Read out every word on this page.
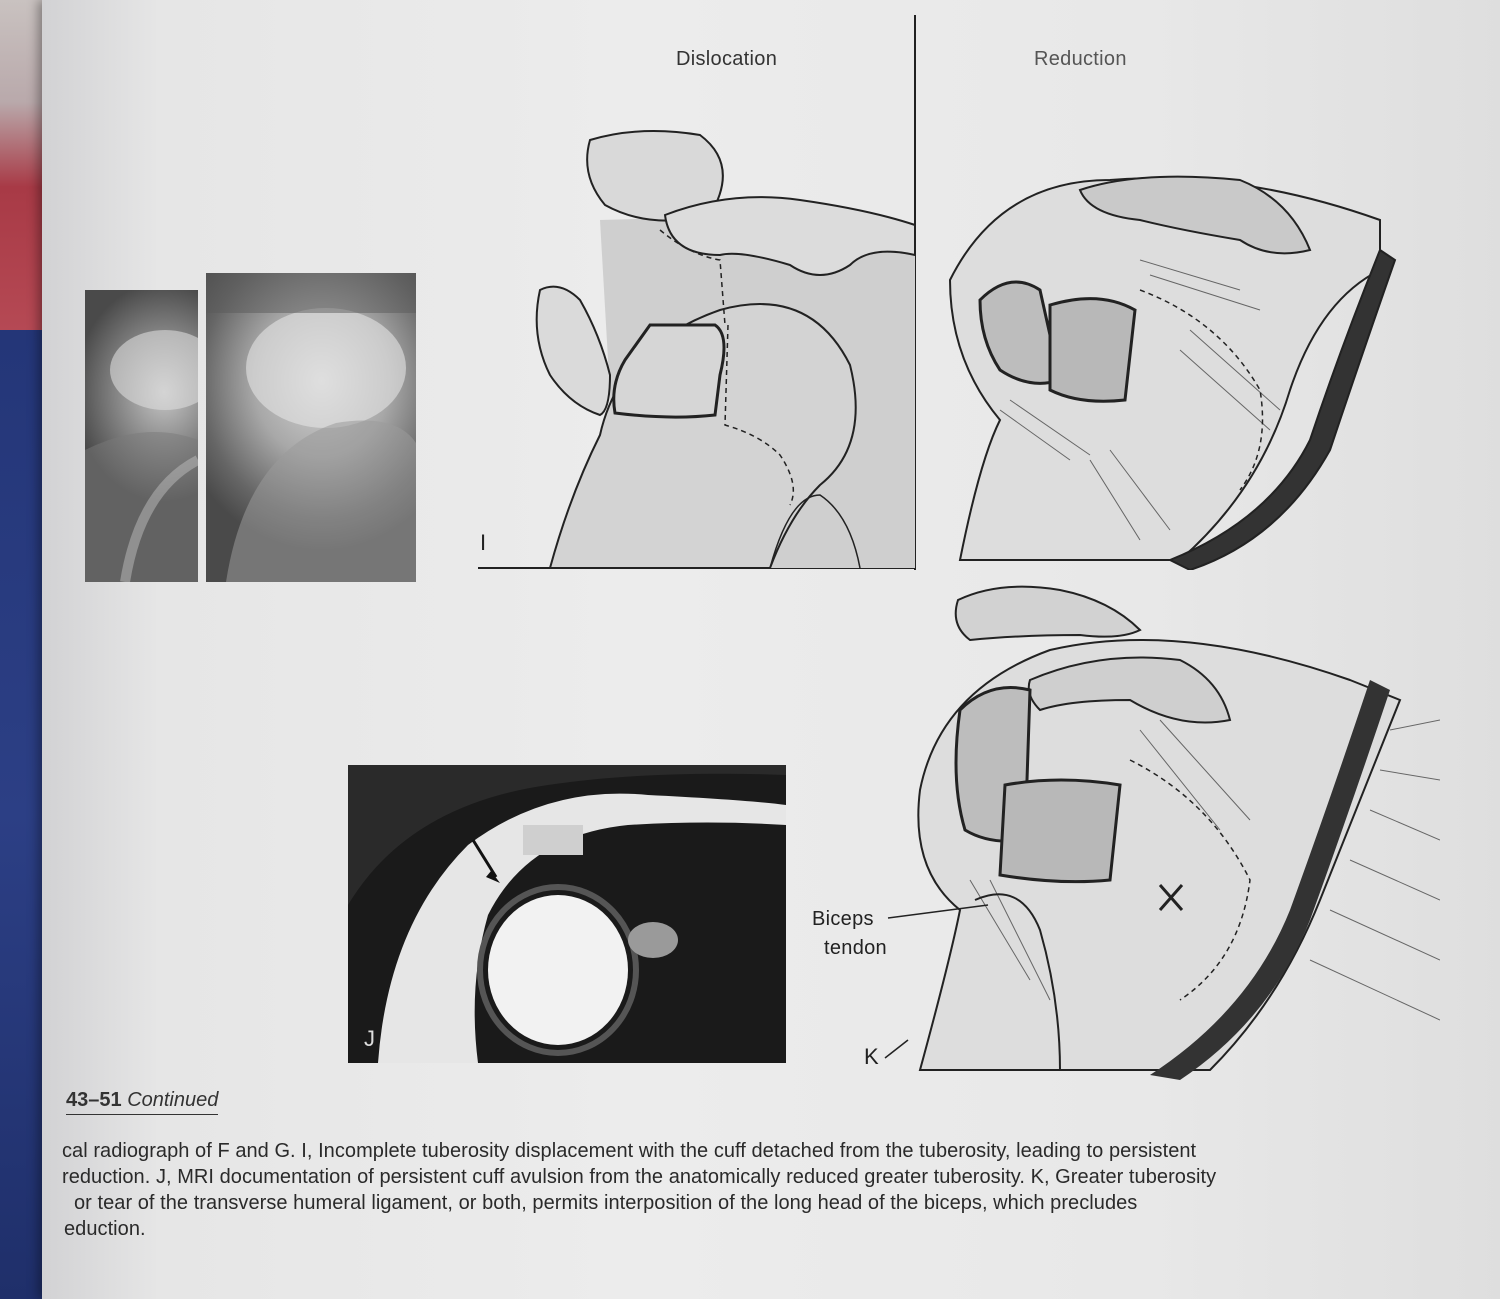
Dislocation	Reduction
I
J
Biceps
tendon
K
43–51 Continued
cal radiograph of F and G. I, Incomplete tuberosity displacement with the cuff detached from the tuberosity, leading to persistent
reduction. J, MRI documentation of persistent cuff avulsion from the anatomically reduced greater tuberosity. K, Greater tuberosity
or tear of the transverse humeral ligament, or both, permits interposition of the long head of the biceps, which precludes
eduction.
